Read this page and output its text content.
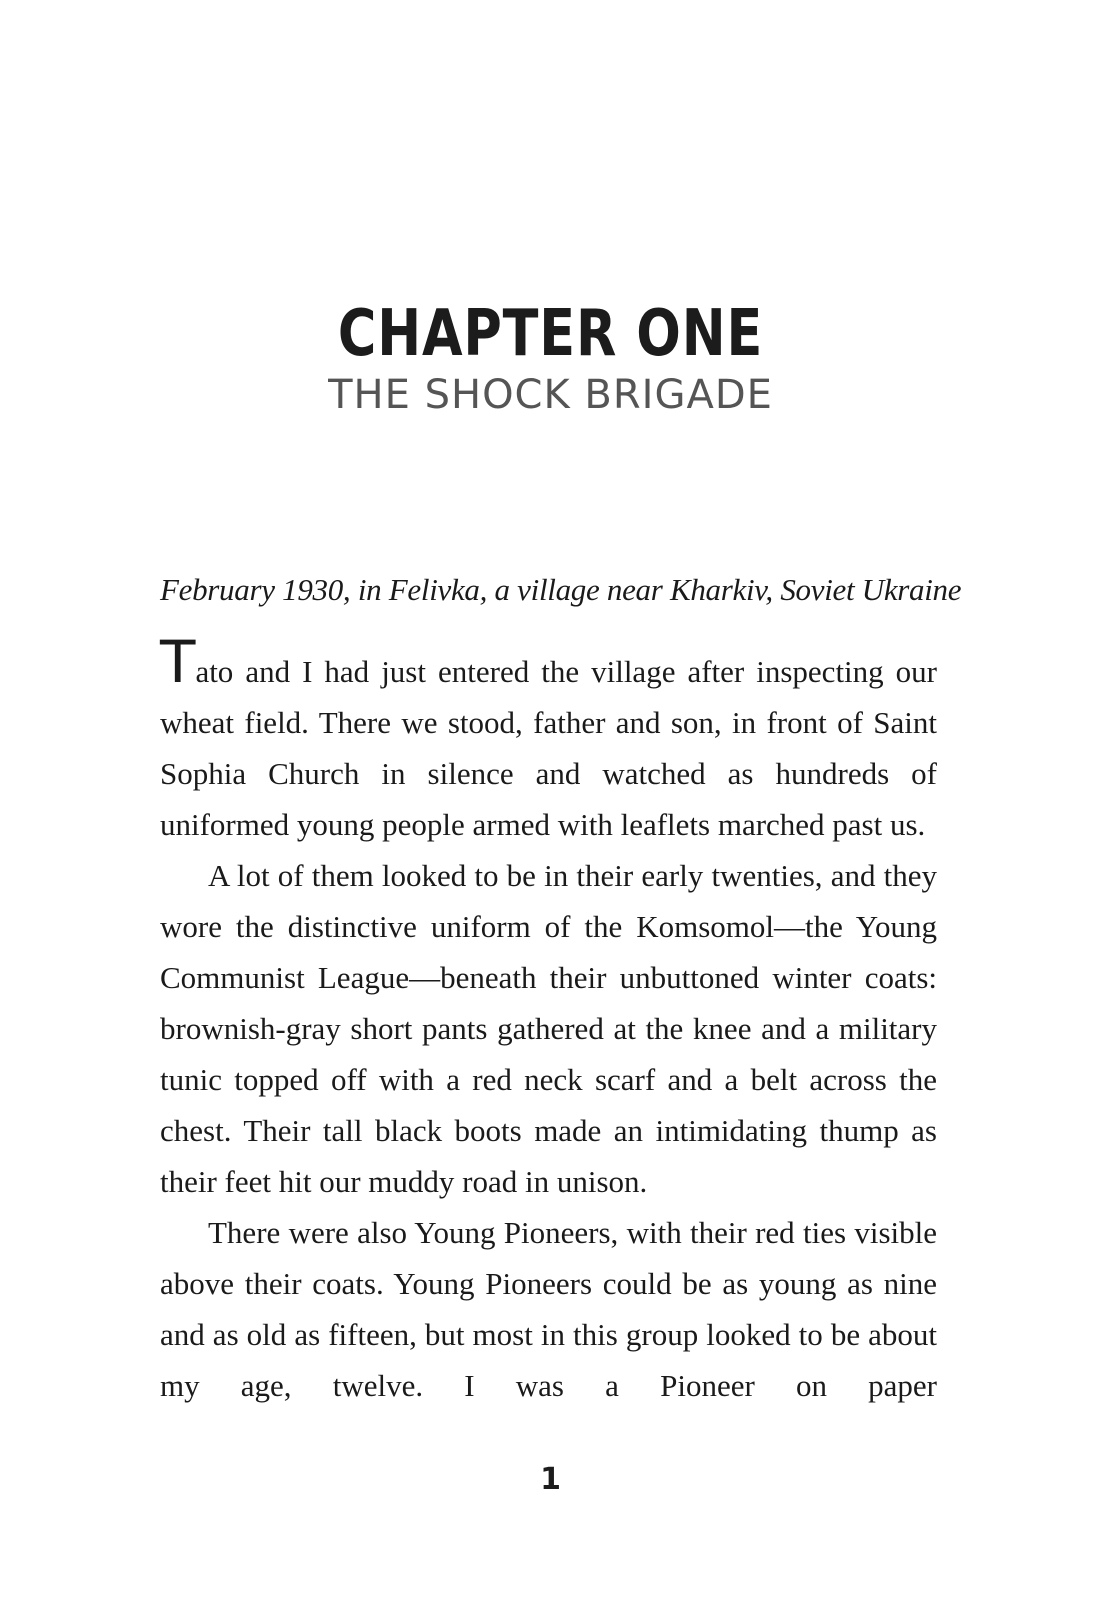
CHAPTER ONE
THE SHOCK BRIGADE

February 1930, in Felivka, a village near Kharkiv, Soviet Ukraine

Tato and I had just entered the village after inspecting our wheat field. There we stood, father and son, in front of Saint Sophia Church in silence and watched as hundreds of uniformed young people armed with leaflets marched past us.

A lot of them looked to be in their early twenties, and they wore the distinctive uniform of the Komsomol—the Young Communist League—beneath their unbuttoned winter coats: brownish-gray short pants gathered at the knee and a military tunic topped off with a red neck scarf and a belt across the chest. Their tall black boots made an intimidating thump as their feet hit our muddy road in unison.

There were also Young Pioneers, with their red ties visible above their coats. Young Pioneers could be as young as nine and as old as fifteen, but most in this group looked to be about my age, twelve. I was a Pioneer on paper

1
